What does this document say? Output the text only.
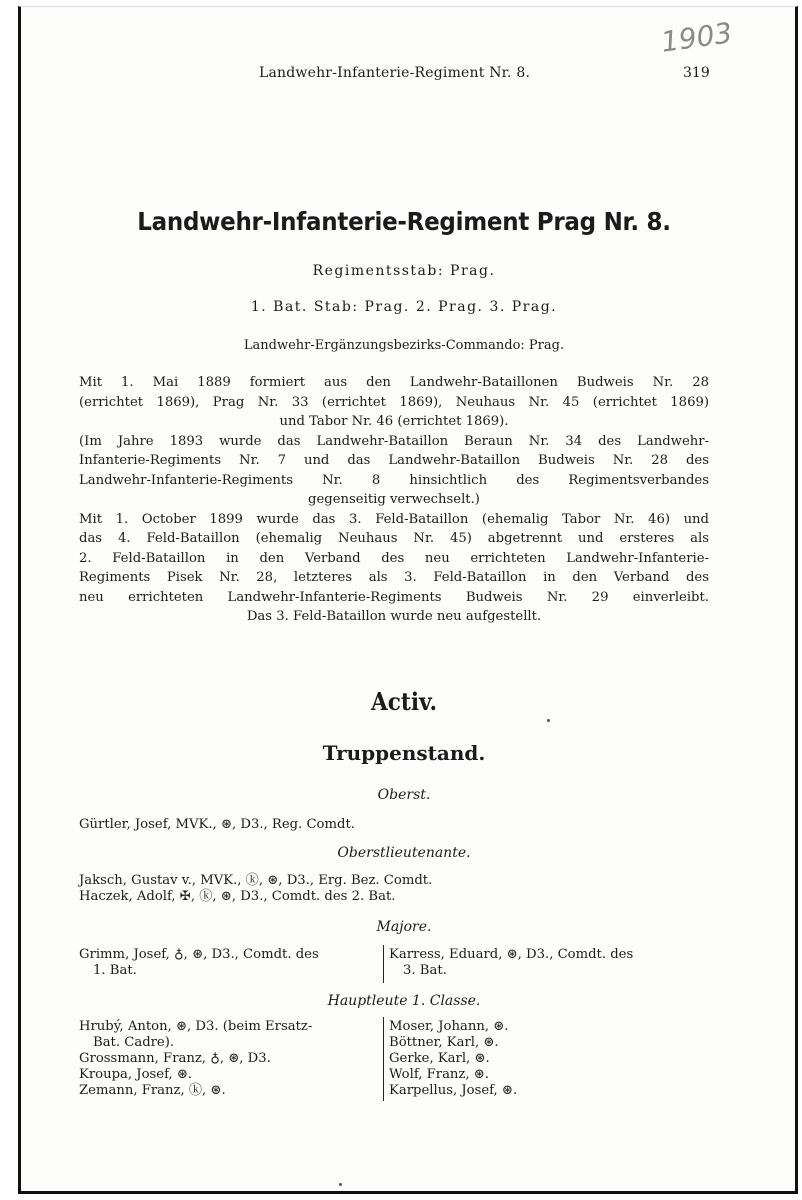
1903
Landwehr-Infanterie-Regiment Nr. 8.	319
Landwehr-Infanterie-Regiment Prag Nr. 8.
Regimentsstab: Prag.
1. Bat. Stab: Prag. 2. Prag. 3. Prag.
Landwehr-Ergänzungsbezirks-Commando: Prag.
Mit 1. Mai 1889 formiert aus den Landwehr-Bataillonen Budweis Nr. 28
(errichtet 1869), Prag Nr. 33 (errichtet 1869), Neuhaus Nr. 45 (errichtet 1869)
und Tabor Nr. 46 (errichtet 1869).
(Im Jahre 1893 wurde das Landwehr-Bataillon Beraun Nr. 34 des Landwehr-
Infanterie-Regiments Nr. 7 und das Landwehr-Bataillon Budweis Nr. 28 des
Landwehr-Infanterie-Regiments Nr. 8 hinsichtlich des Regimentsverbandes
gegenseitig verwechselt.)
Mit 1. October 1899 wurde das 3. Feld-Bataillon (ehemalig Tabor Nr. 46) und
das 4. Feld-Bataillon (ehemalig Neuhaus Nr. 45) abgetrennt und ersteres als
2. Feld-Bataillon in den Verband des neu errichteten Landwehr-Infanterie-
Regiments Pisek Nr. 28, letzteres als 3. Feld-Bataillon in den Verband des
neu errichteten Landwehr-Infanterie-Regiments Budweis Nr. 29 einverleibt.
Das 3. Feld-Bataillon wurde neu aufgestellt.
Activ.
Truppenstand.
Oberst.
Gürtler, Josef, MVK., ⊛, D3., Reg. Comdt.
Oberstlieutenante.
Jaksch, Gustav v., MVK., ⓚ, ⊛, D3., Erg. Bez. Comdt.
Haczek, Adolf, ✠, ⓚ, ⊛, D3., Comdt. des 2. Bat.
Majore.
Grimm, Josef, ♁, ⊛, D3., Comdt. des
1. Bat.
Karress, Eduard, ⊛, D3., Comdt. des
3. Bat.
Hauptleute 1. Classe.
Hrubý, Anton, ⊛, D3. (beim Ersatz-
Bat. Cadre).
Grossmann, Franz, ♁, ⊛, D3.
Kroupa, Josef, ⊛.
Zemann, Franz, ⓚ, ⊛.
Moser, Johann, ⊛.
Böttner, Karl, ⊛.
Gerke, Karl, ⊛.
Wolf, Franz, ⊛.
Karpellus, Josef, ⊛.
